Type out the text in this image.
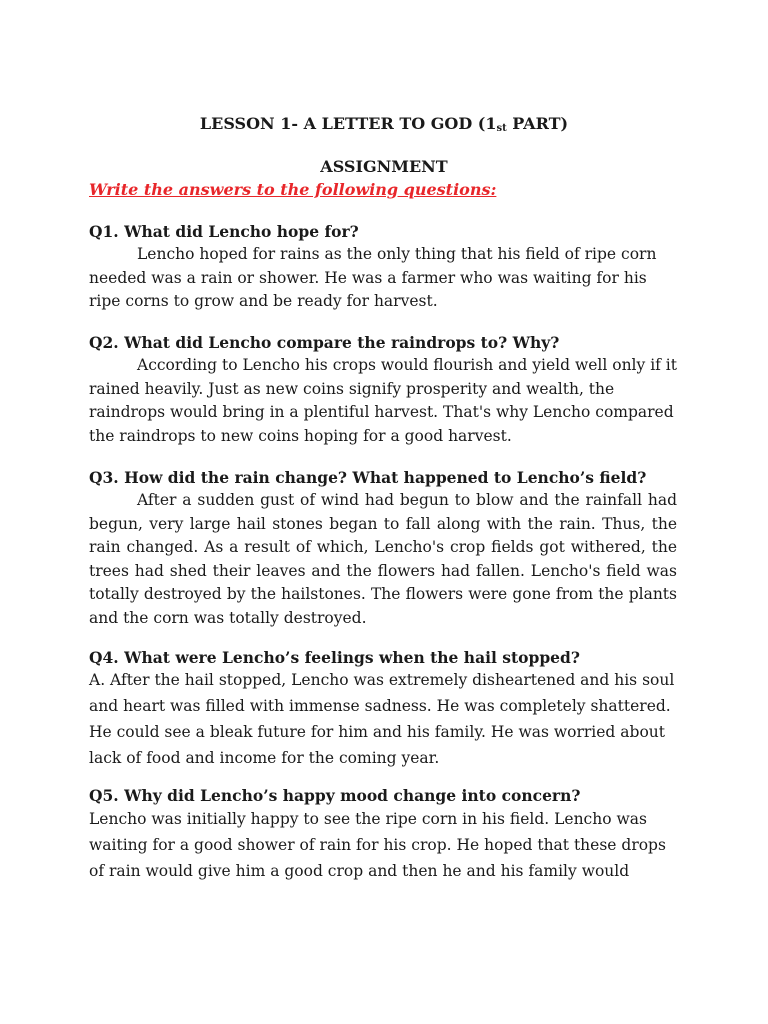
LESSON 1- A LETTER TO GOD ($1_{st}$ PART)
ASSIGNMENT
Write the answers to the following questions:
Q1. What did Lencho hope for?

Lencho hoped for rains as the only thing that his field of ripe corn needed was a rain or shower. He was a farmer who was waiting for his ripe corns to grow and be ready for harvest.

Q2. What did Lencho compare the raindrops to? Why?

According to Lencho his crops would flourish and yield well only if it rained heavily. Just as new coins signify prosperity and wealth, the raindrops would bring in a plentiful harvest. That's why Lencho compared the raindrops to new coins hoping for a good harvest.

Q3. How did the rain change? What happened to Lencho’s field?

After a sudden gust of wind had begun to blow and the rainfall had begun, very large hail stones began to fall along with the rain. Thus, the rain changed. As a result of which, Lencho's crop fields got withered, the trees had shed their leaves and the flowers had fallen. Lencho's field was totally destroyed by the hailstones. The flowers were gone from the plants and the corn was totally destroyed.

Q4. What were Lencho’s feelings when the hail stopped?

A. After the hail stopped, Lencho was extremely disheartened and his soul and heart was filled with immense sadness. He was completely shattered. He could see a bleak future for him and his family. He was worried about lack of food and income for the coming year.

Q5. Why did Lencho’s happy mood change into concern?

Lencho was initially happy to see the ripe corn in his field. Lencho was waiting for a good shower of rain for his crop. He hoped that these drops of rain would give him a good crop and then he and his family would
